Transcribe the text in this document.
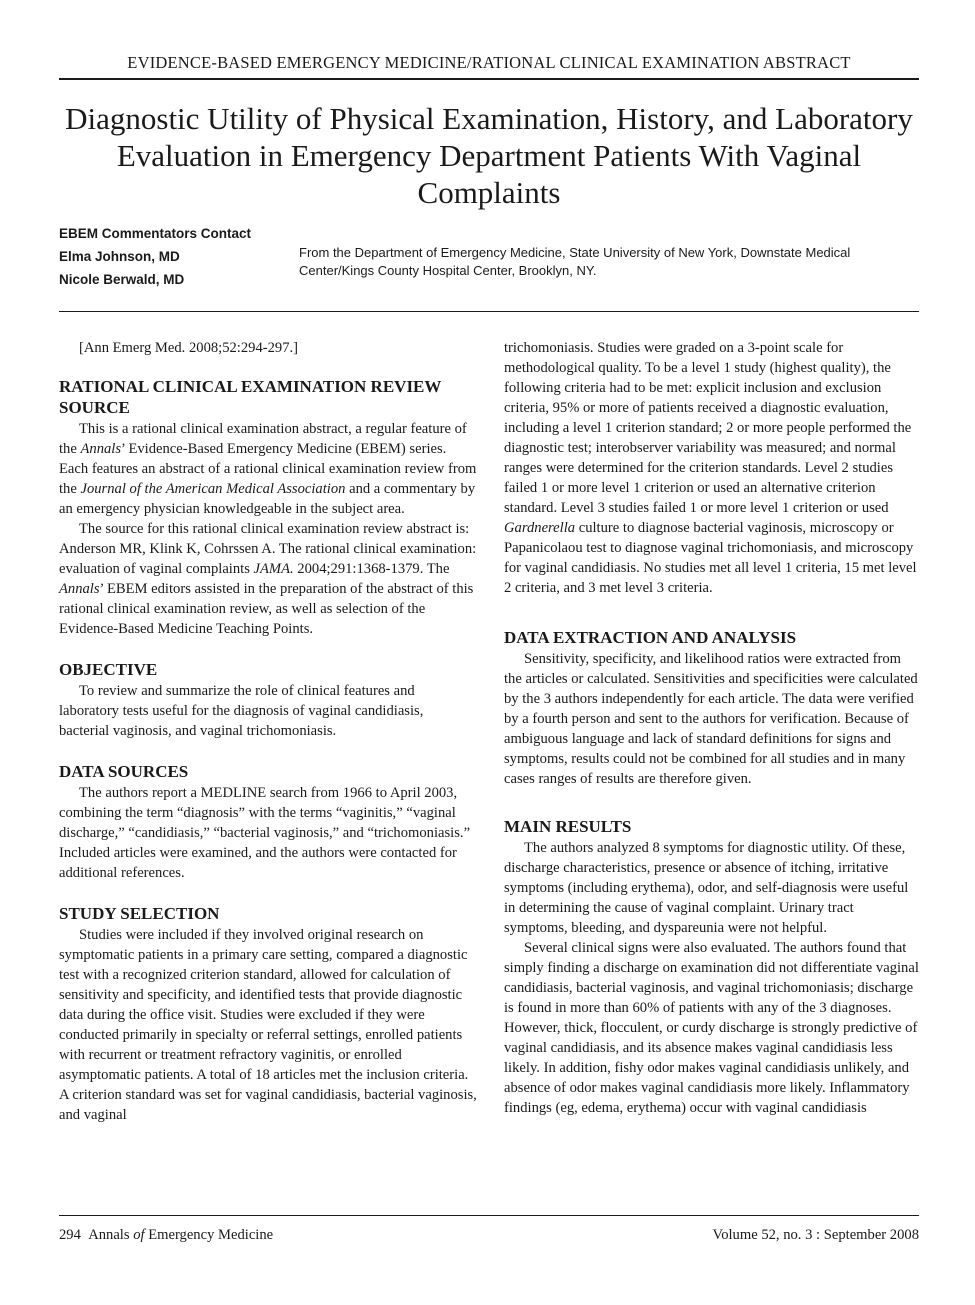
EVIDENCE-BASED EMERGENCY MEDICINE/RATIONAL CLINICAL EXAMINATION ABSTRACT
Diagnostic Utility of Physical Examination, History, and Laboratory Evaluation in Emergency Department Patients With Vaginal Complaints
EBEM Commentators Contact
Elma Johnson, MD
Nicole Berwald, MD
From the Department of Emergency Medicine, State University of New York, Downstate Medical Center/Kings County Hospital Center, Brooklyn, NY.
[Ann Emerg Med. 2008;52:294-297.]
RATIONAL CLINICAL EXAMINATION REVIEW SOURCE

This is a rational clinical examination abstract, a regular feature of the Annals’ Evidence-Based Emergency Medicine (EBEM) series. Each features an abstract of a rational clinical examination review from the Journal of the American Medical Association and a commentary by an emergency physician knowledgeable in the subject area.

The source for this rational clinical examination review abstract is: Anderson MR, Klink K, Cohrssen A. The rational clinical examination: evaluation of vaginal complaints JAMA. 2004;291:1368-1379. The Annals’ EBEM editors assisted in the preparation of the abstract of this rational clinical examination review, as well as selection of the Evidence-Based Medicine Teaching Points.

OBJECTIVE

To review and summarize the role of clinical features and laboratory tests useful for the diagnosis of vaginal candidiasis, bacterial vaginosis, and vaginal trichomoniasis.

DATA SOURCES

The authors report a MEDLINE search from 1966 to April 2003, combining the term “diagnosis” with the terms “vaginitis,” “vaginal discharge,” “candidiasis,” “bacterial vaginosis,” and “trichomoniasis.” Included articles were examined, and the authors were contacted for additional references.

STUDY SELECTION

Studies were included if they involved original research on symptomatic patients in a primary care setting, compared a diagnostic test with a recognized criterion standard, allowed for calculation of sensitivity and specificity, and identified tests that provide diagnostic data during the office visit. Studies were excluded if they were conducted primarily in specialty or referral settings, enrolled patients with recurrent or treatment refractory vaginitis, or enrolled asymptomatic patients. A total of 18 articles met the inclusion criteria. A criterion standard was set for vaginal candidiasis, bacterial vaginosis, and vaginal

trichomoniasis. Studies were graded on a 3-point scale for methodological quality. To be a level 1 study (highest quality), the following criteria had to be met: explicit inclusion and exclusion criteria, 95% or more of patients received a diagnostic evaluation, including a level 1 criterion standard; 2 or more people performed the diagnostic test; interobserver variability was measured; and normal ranges were determined for the criterion standards. Level 2 studies failed 1 or more level 1 criterion or used an alternative criterion standard. Level 3 studies failed 1 or more level 1 criterion or used Gardnerella culture to diagnose bacterial vaginosis, microscopy or Papanicolaou test to diagnose vaginal trichomoniasis, and microscopy for vaginal candidiasis. No studies met all level 1 criteria, 15 met level 2 criteria, and 3 met level 3 criteria.

DATA EXTRACTION AND ANALYSIS

Sensitivity, specificity, and likelihood ratios were extracted from the articles or calculated. Sensitivities and specificities were calculated by the 3 authors independently for each article. The data were verified by a fourth person and sent to the authors for verification. Because of ambiguous language and lack of standard definitions for signs and symptoms, results could not be combined for all studies and in many cases ranges of results are therefore given.

MAIN RESULTS

The authors analyzed 8 symptoms for diagnostic utility. Of these, discharge characteristics, presence or absence of itching, irritative symptoms (including erythema), odor, and self-diagnosis were useful in determining the cause of vaginal complaint. Urinary tract symptoms, bleeding, and dyspareunia were not helpful.

Several clinical signs were also evaluated. The authors found that simply finding a discharge on examination did not differentiate vaginal candidiasis, bacterial vaginosis, and vaginal trichomoniasis; discharge is found in more than 60% of patients with any of the 3 diagnoses. However, thick, flocculent, or curdy discharge is strongly predictive of vaginal candidiasis, and its absence makes vaginal candidiasis less likely. In addition, fishy odor makes vaginal candidiasis unlikely, and absence of odor makes vaginal candidiasis more likely. Inflammatory findings (eg, edema, erythema) occur with vaginal candidiasis

294 Annals of Emergency Medicine	Volume 52, no. 3 : September 2008
